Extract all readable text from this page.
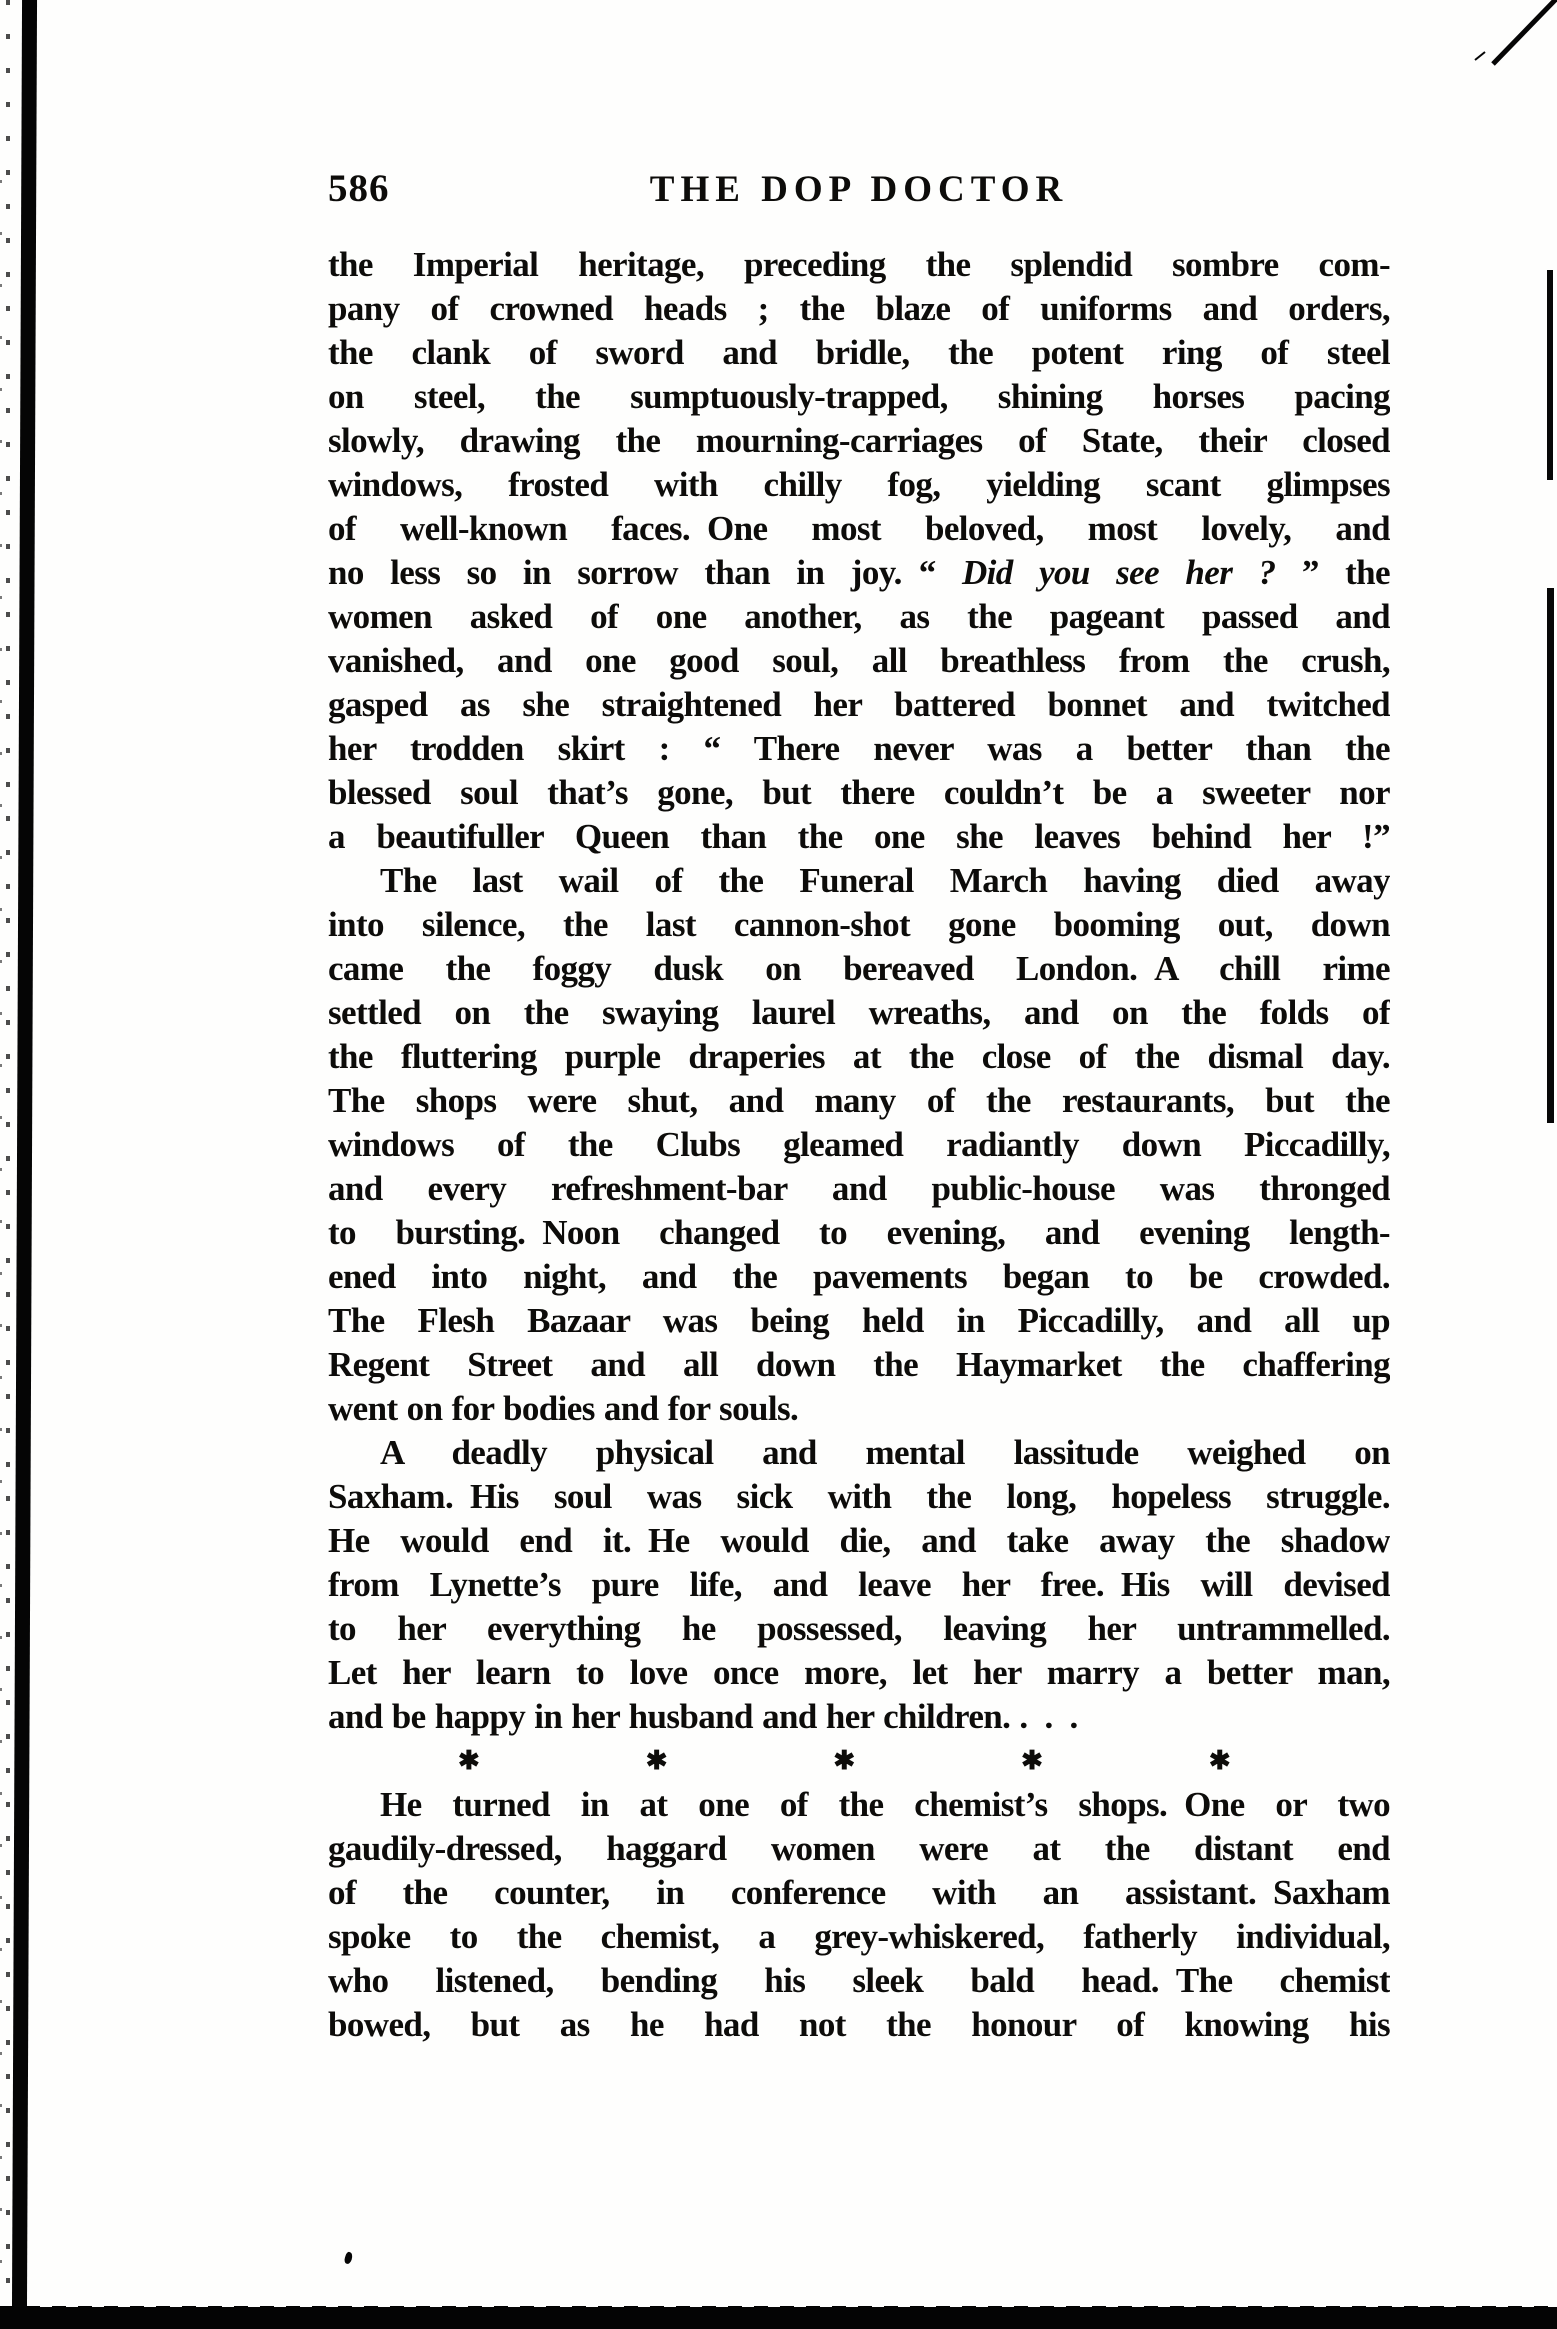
586	THE DOP DOCTOR
the Imperial heritage, preceding the splendid sombre com-
pany of crowned heads ; the blaze of uniforms and orders,
the clank of sword and bridle, the potent ring of steel
on steel, the sumptuously-trapped, shining horses pacing
slowly, drawing the mourning-carriages of State, their closed
windows, frosted with chilly fog, yielding scant glimpses
of well-known faces. One most beloved, most lovely, and
no less so in sorrow than in joy. “ Did you see her ? ” the
women asked of one another, as the pageant passed and
vanished, and one good soul, all breathless from the crush,
gasped as she straightened her battered bonnet and twitched
her trodden skirt : “ There never was a better than the
blessed soul that’s gone, but there couldn’t be a sweeter nor
a beautifuller Queen than the one she leaves behind her !”
The last wail of the Funeral March having died away
into silence, the last cannon-shot gone booming out, down
came the foggy dusk on bereaved London. A chill rime
settled on the swaying laurel wreaths, and on the folds of
the fluttering purple draperies at the close of the dismal day.
The shops were shut, and many of the restaurants, but the
windows of the Clubs gleamed radiantly down Piccadilly,
and every refreshment-bar and public-house was thronged
to bursting. Noon changed to evening, and evening length-
ened into night, and the pavements began to be crowded.
The Flesh Bazaar was being held in Piccadilly, and all up
Regent Street and all down the Haymarket the chaffering
went on for bodies and for souls.
A deadly physical and mental lassitude weighed on
Saxham. His soul was sick with the long, hopeless struggle.
He would end it. He would die, and take away the shadow
from Lynette’s pure life, and leave her free. His will devised
to her everything he possessed, leaving her untrammelled.
Let her learn to love once more, let her marry a better man,
and be happy in her husband and her children. . . .
✱	✱	✱	✱	✱
He turned in at one of the chemist’s shops. One or two
gaudily-dressed, haggard women were at the distant end
of the counter, in conference with an assistant. Saxham
spoke to the chemist, a grey-whiskered, fatherly individual,
who listened, bending his sleek bald head. The chemist
bowed, but as he had not the honour of knowing his
